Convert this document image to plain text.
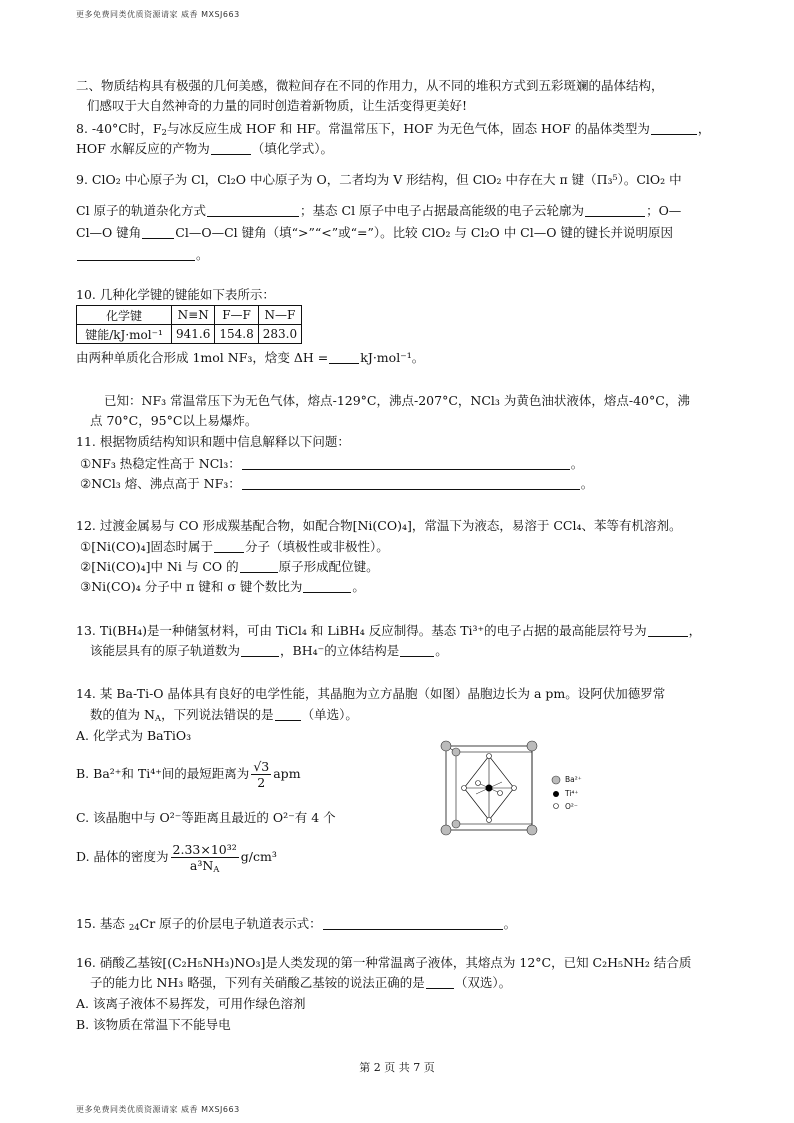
更多免费同类优质资源请家 威香 MXSJ663
二、物质结构具有极强的几何美感，微粒间存在不同的作用力，从不同的堆积方式到五彩斑斓的晶体结构，
们感叹于大自然神奇的力量的同时创造着新物质，让生活变得更美好!
8. -40°C时，$F_2$与冰反应生成 HOF 和 HF。常温常压下，HOF 为无色气体，固态 HOF 的晶体类型为	，
HOF 水解反应的产物为	（填化学式）。
9. ClO₂ 中心原子为 Cl，Cl₂O 中心原子为 O，二者均为 V 形结构，但 ClO₂ 中存在大 π 键（Π₃⁵）。ClO₂ 中
Cl 原子的轨道杂化方式	；基态 Cl 原子中电子占据最高能级的电子云轮廓为	；O—
Cl—O 键角	Cl—O—Cl 键角（填“>”“<”或“=”）。比较 ClO₂ 与 Cl₂O 中 Cl—O 键的键长并说明原因
。
10. 几种化学键的键能如下表所示：
化学键	N≡N	F—F	N—F
键能/kJ·mol⁻¹	941.6	154.8	283.0
由两种单质化合形成 1mol NF₃，焓变 ΔH =	kJ·mol⁻¹。
已知：NF₃ 常温常压下为无色气体，熔点-129°C，沸点-207°C，NCl₃ 为黄色油状液体，熔点-40°C，沸
点 70°C，95°C以上易爆炸。
11. 根据物质结构知识和题中信息解释以下问题：
①NF₃ 热稳定性高于 NCl₃：	。
②NCl₃ 熔、沸点高于 NF₃：	。
12. 过渡金属易与 CO 形成羰基配合物，如配合物[Ni(CO)₄]，常温下为液态，易溶于 CCl₄、苯等有机溶剂。
①[Ni(CO)₄]固态时属于	分子（填极性或非极性）。
②[Ni(CO)₄]中 Ni 与 CO 的	原子形成配位键。
③Ni(CO)₄ 分子中 π 键和 σ 键个数比为	。
13. Ti(BH₄)是一种储氢材料，可由 TiCl₄ 和 LiBH₄ 反应制得。基态 Ti³⁺的电子占据的最高能层符号为	，
该能层具有的原子轨道数为	，BH₄⁻的立体结构是	。
14. 某 Ba-Ti-O 晶体具有良好的电学性能，其晶胞为立方晶胞（如图）晶胞边长为 a pm。设阿伏加德罗常
数的值为 $N_A$，下列说法错误的是 （单选）。
A. 化学式为 BaTiO₃
B. Ba²⁺和 Ti⁴⁺间的最短距离为 $\frac{√3}{2}$ apm
C. 该晶胞中与 O²⁻等距离且最近的 O²⁻有 4 个
D. 晶体的密度为 $\frac{\text{2.33×10³²}}{a^3N_A} g/cm^3$
Ba²⁺
Ti⁴⁺
O²⁻
15. 基态 $_{24}$Cr 原子的价层电子轨道表示式：	。
16. 硝酸乙基铵[(C₂H₅NH₃)NO₃]是人类发现的第一种常温离子液体，其熔点为 12°C，已知 C₂H₅NH₂ 结合质
子的能力比 NH₃ 略强，下列有关硝酸乙基铵的说法正确的是 （双选）。
A. 该离子液体不易挥发，可用作绿色溶剂
B. 该物质在常温下不能导电
第 2 页 共 7 页
更多免费同类优质资源请家 威香 MXSJ663
